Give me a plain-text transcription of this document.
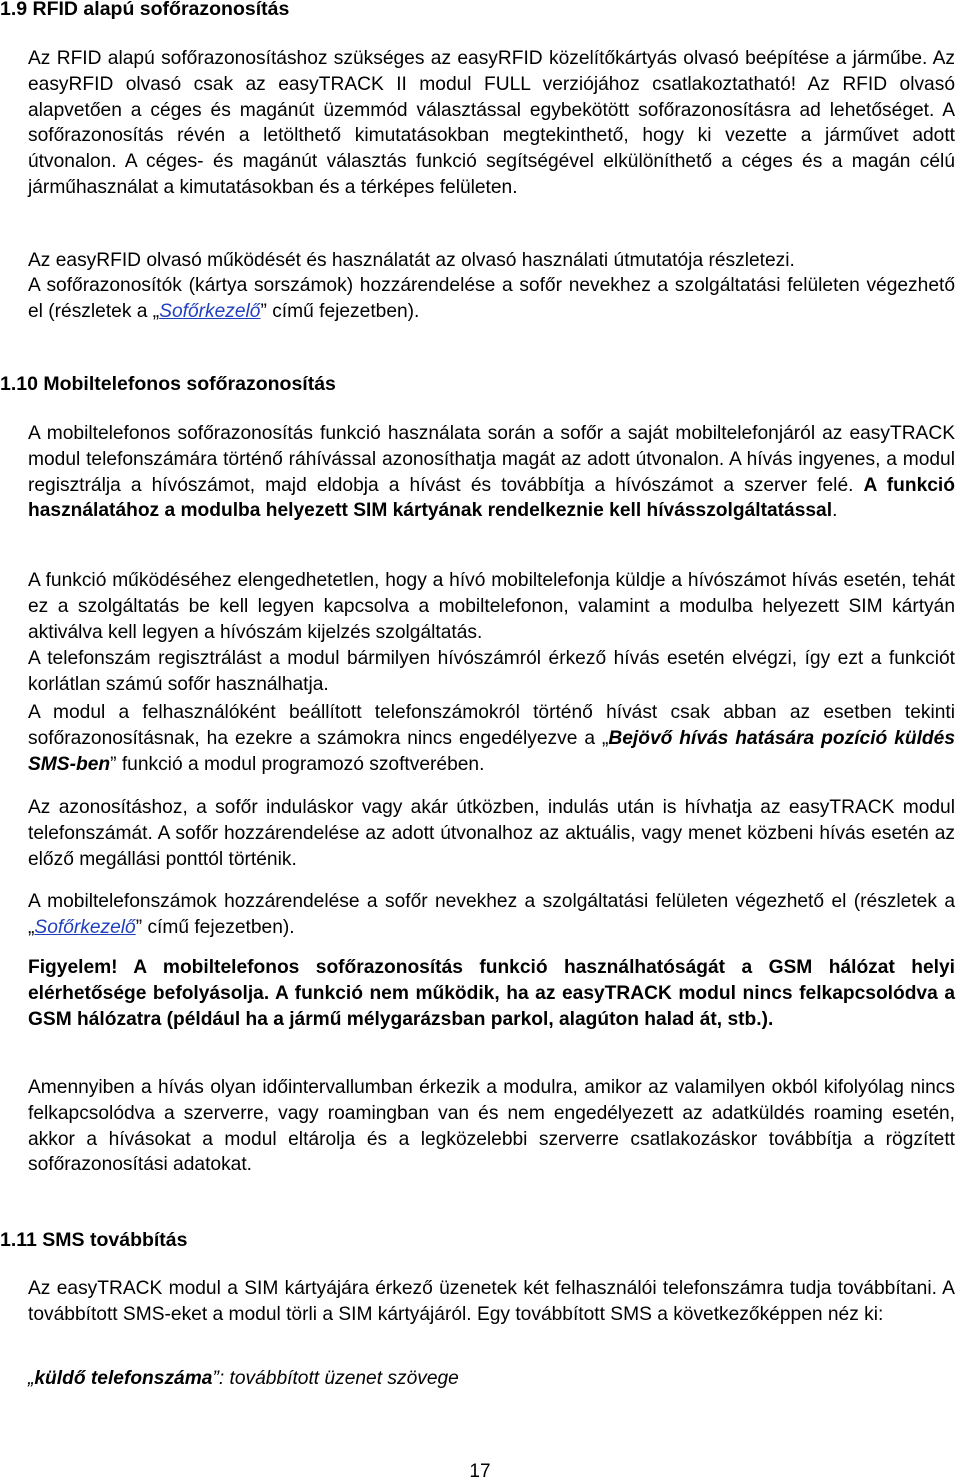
1.9 RFID alapú sofőrazonosítás

Az RFID alapú sofőrazonosításhoz szükséges az easyRFID közelítőkártyás olvasó beépítése a járműbe. Az easyRFID olvasó csak az easyTRACK II modul FULL verziójához csatlakoztatható! Az RFID olvasó alapvetően a céges és magánút üzemmód választással egybekötött sofőrazonosításra ad lehetőséget. A sofőrazonosítás révén a letölthető kimutatásokban megtekinthető, hogy ki vezette a járművet adott útvonalon. A céges- és magánút választás funkció segítségével elkülöníthető a céges és a magán célú járműhasználat a kimutatásokban és a térképes felületen.

Az easyRFID olvasó működését és használatát az olvasó használati útmutatója részletezi.

A sofőrazonosítók (kártya sorszámok) hozzárendelése a sofőr nevekhez a szolgáltatási felületen végezhető el (részletek a „Sofőrkezelő” című fejezetben).

1.10 Mobiltelefonos sofőrazonosítás

A mobiltelefonos sofőrazonosítás funkció használata során a sofőr a saját mobiltelefonjáról az easyTRACK modul telefonszámára történő ráhívással azonosíthatja magát az adott útvonalon. A hívás ingyenes, a modul regisztrálja a hívószámot, majd eldobja a hívást és továbbítja a hívószámot a szerver felé. A funkció használatához a modulba helyezett SIM kártyának rendelkeznie kell hívásszolgáltatással.

A funkció működéséhez elengedhetetlen, hogy a hívó mobiltelefonja küldje a hívószámot hívás esetén, tehát ez a szolgáltatás be kell legyen kapcsolva a mobiltelefonon, valamint a modulba helyezett SIM kártyán aktiválva kell legyen a hívószám kijelzés szolgáltatás.

A telefonszám regisztrálást a modul bármilyen hívószámról érkező hívás esetén elvégzi, így ezt a funkciót korlátlan számú sofőr használhatja.

A modul a felhasználóként beállított telefonszámokról történő hívást csak abban az esetben tekinti sofőrazonosításnak, ha ezekre a számokra nincs engedélyezve a „Bejövő hívás hatására pozíció küldés SMS-ben” funkció a modul programozó szoftverében.

Az azonosításhoz, a sofőr induláskor vagy akár útközben, indulás után is hívhatja az easyTRACK modul telefonszámát. A sofőr hozzárendelése az adott útvonalhoz az aktuális, vagy menet közbeni hívás esetén az előző megállási ponttól történik.

A mobiltelefonszámok hozzárendelése a sofőr nevekhez a szolgáltatási felületen végezhető el (részletek a „Sofőrkezelő” című fejezetben).

Figyelem! A mobiltelefonos sofőrazonosítás funkció használhatóságát a GSM hálózat helyi elérhetősége befolyásolja. A funkció nem működik, ha az easyTRACK modul nincs felkapcsolódva a GSM hálózatra (például ha a jármű mélygarázsban parkol, alagúton halad át, stb.).

Amennyiben a hívás olyan időintervallumban érkezik a modulra, amikor az valamilyen okból kifolyólag nincs felkapcsolódva a szerverre, vagy roamingban van és nem engedélyezett az adatküldés roaming esetén, akkor a hívásokat a modul eltárolja és a legközelebbi szerverre csatlakozáskor továbbítja a rögzített sofőrazonosítási adatokat.

1.11 SMS továbbítás

Az easyTRACK modul a SIM kártyájára érkező üzenetek két felhasználói telefonszámra tudja továbbítani. A továbbított SMS-eket a modul törli a SIM kártyájáról. Egy továbbított SMS a következőképpen néz ki:

„küldő telefonszáma”: továbbított üzenet szövege

17
